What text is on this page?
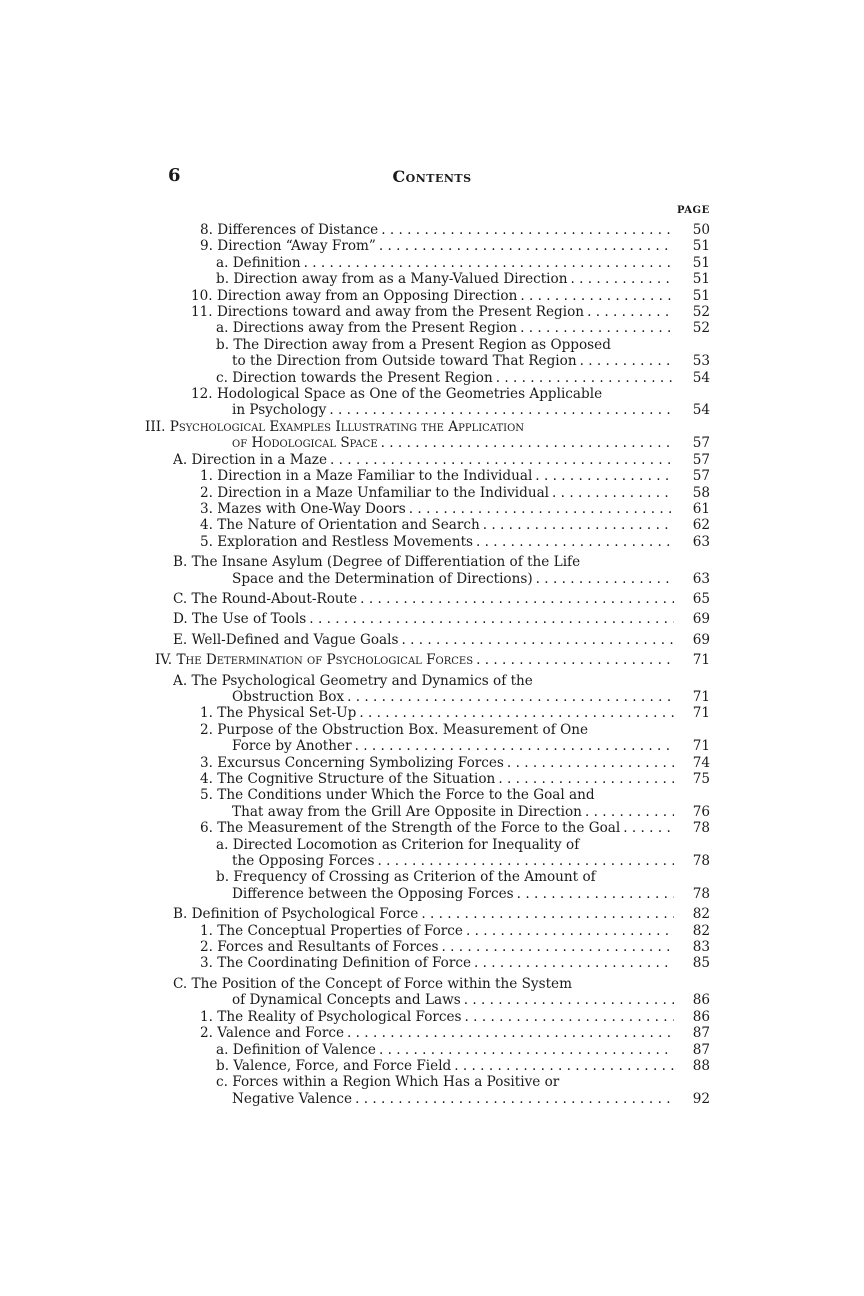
6	Contents
PAGE
8. Differences of Distance . . .	50
9. Direction “Away From” . . .	51
a. Definition . . .	51
b. Direction away from as a Many-Valued Direction . . .	51
10. Direction away from an Opposing Direction . . .	51
11. Directions toward and away from the Present Region . . .	52
a. Directions away from the Present Region . . .	52
b. The Direction away from a Present Region as Opposed
to the Direction from Outside toward That Region . . .	53
c. Direction towards the Present Region . . .	54
12. Hodological Space as One of the Geometries Applicable
in Psychology . . .	54
III. Psychological Examples Illustrating the Application
of Hodological Space . . .	57
A. Direction in a Maze . . .	57
1. Direction in a Maze Familiar to the Individual . . .	57
2. Direction in a Maze Unfamiliar to the Individual . . .	58
3. Mazes with One-Way Doors . . .	61
4. The Nature of Orientation and Search . . .	62
5. Exploration and Restless Movements . . .	63
B. The Insane Asylum (Degree of Differentiation of the Life
Space and the Determination of Directions) . . .	63
C. The Round-About-Route . . .	65
D. The Use of Tools . . .	69
E. Well-Defined and Vague Goals . . .	69
IV. The Determination of Psychological Forces . . .	71
A. The Psychological Geometry and Dynamics of the
Obstruction Box . . .	71
1. The Physical Set-Up . . .	71
2. Purpose of the Obstruction Box. Measurement of One
Force by Another . . .	71
3. Excursus Concerning Symbolizing Forces . . .	74
4. The Cognitive Structure of the Situation . . .	75
5. The Conditions under Which the Force to the Goal and
That away from the Grill Are Opposite in Direction . . .	76
6. The Measurement of the Strength of the Force to the Goal . . .	78
a. Directed Locomotion as Criterion for Inequality of
the Opposing Forces . . .	78
b. Frequency of Crossing as Criterion of the Amount of
Difference between the Opposing Forces . . .	78
B. Definition of Psychological Force . . .	82
1. The Conceptual Properties of Force . . .	82
2. Forces and Resultants of Forces . . .	83
3. The Coordinating Definition of Force . . .	85
C. The Position of the Concept of Force within the System
of Dynamical Concepts and Laws . . .	86
1. The Reality of Psychological Forces . . .	86
2. Valence and Force . . .	87
a. Definition of Valence . . .	87
b. Valence, Force, and Force Field . . .	88
c. Forces within a Region Which Has a Positive or
Negative Valence . . .	92
